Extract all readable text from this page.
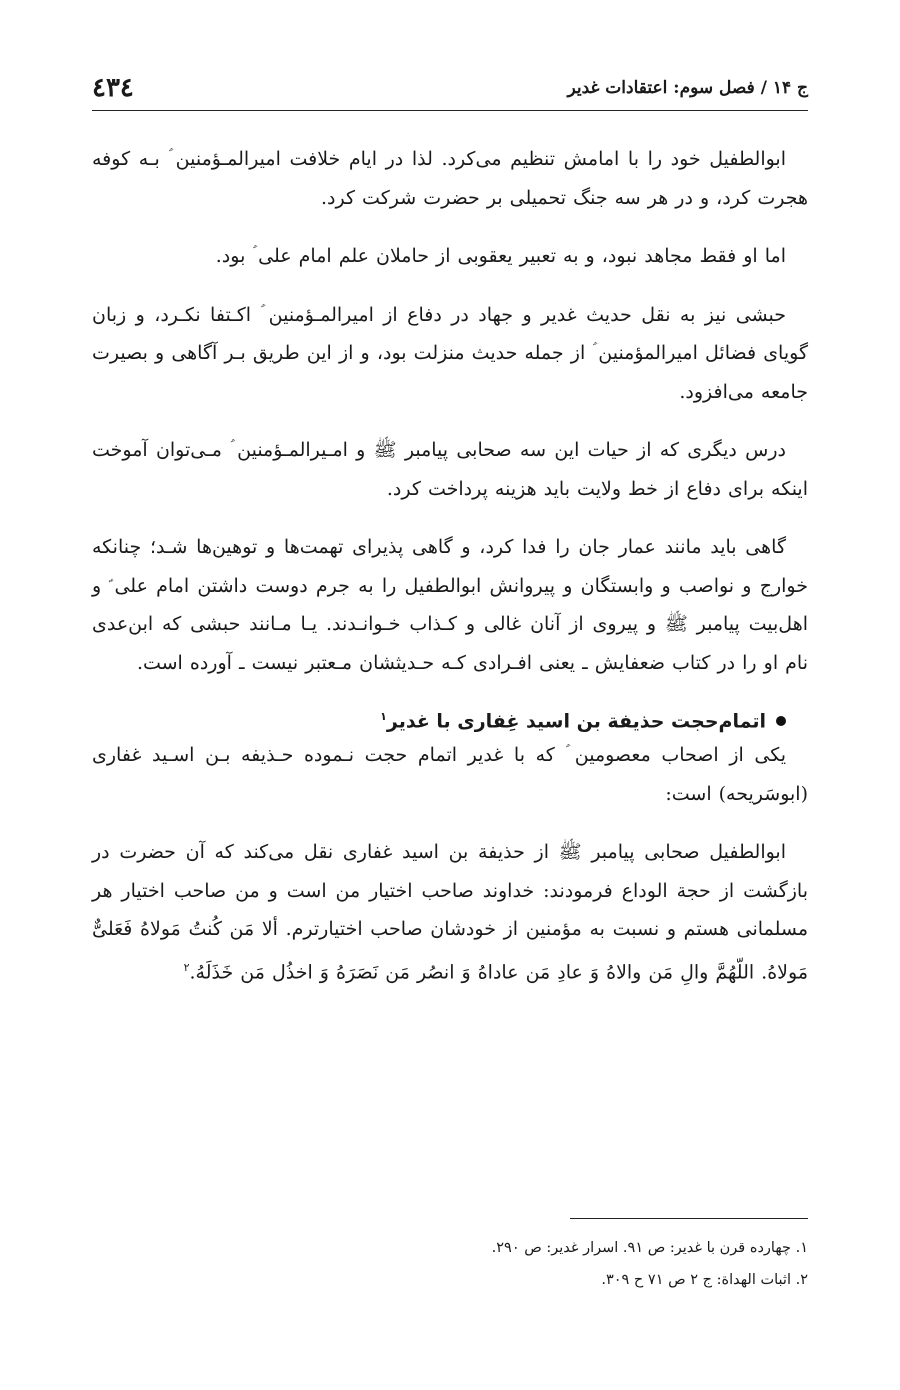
ج ۱۴ / فصل سوم: اعتقادات غدیر
٤٣٤

ابوالطفیل خود را با امامش تنظیم می‌کرد. لذا در ایام خلافت امیرالمـؤمنین ؑ بـه کوفه هجرت کرد، و در هر سه جنگ تحمیلی بر حضرت شرکت کرد.

اما او فقط مجاهد نبود، و به تعبیر یعقوبی از حاملان علم امام علی ؑ بود.

حبشی نیز به نقل حدیث غدیر و جهاد در دفاع از امیرالمـؤمنین ؑ اکـتفا نکـرد، و زبان گویای فضائل امیرالمؤمنین ؑ از جمله حدیث منزلت بود، و از این طریق بـر آگاهی و بصیرت جامعه می‌افزود.

درس دیگری که از حیات این سه صحابی پیامبر ﷺ و امـیرالمـؤمنین ؑ مـی‌توان آموخت اینکه برای دفاع از خط ولایت باید هزینه پرداخت کرد.

گاهی باید مانند عمار جان را فدا کرد، و گاهی پذیرای تهمت‌ها و توهین‌ها شـد؛ چنانکه خوارج و نواصب و وابستگان و پیروانش ابوالطفیل را به جرم دوست داشتن امام علی ؑ و اهل‌بیت پیامبر ﷺ و پیروی از آنان غالی و کـذاب خـوانـدند. یـا مـانند حبشی که ابن‌عدی نام او را در کتاب ضعفایش ـ یعنی افـرادی کـه حـدیثشان مـعتبر نیست ـ آورده است.

اتمام‌حجت حذیفة بن اسید غِفاری با غدیر$^۱$

یکی از اصحاب معصومین ؑ که با غدیر اتمام حجت نـموده حـذیفه بـن اسـید غفاری (ابوسَریحه) است:

ابوالطفیل صحابی پیامبر ﷺ از حذیفة بن اسید غفاری نقل می‌کند که آن حضرت در بازگشت از حجة الوداع فرمودند: خداوند صاحب اختیار من است و من صاحب اختیار هر مسلمانی هستم و نسبت به مؤمنین از خودشان صاحب اختیارترم. ألا مَن کُنتُ مَولاهُ فَعَلیٌّ مَولاهُ. اللّهُمَّ والِ مَن والاهُ وَ عادِ مَن عاداهُ وَ انصُر مَن نَصَرَهُ وَ اخذُل مَن خَذَلَهُ.$^۲$

۱. چهارده قرن با غدیر: ص ۹۱. اسرار غدیر: ص ۲۹۰.

۲. اثبات الهداة: ج ۲ ص ۷۱ ح ۳۰۹.
